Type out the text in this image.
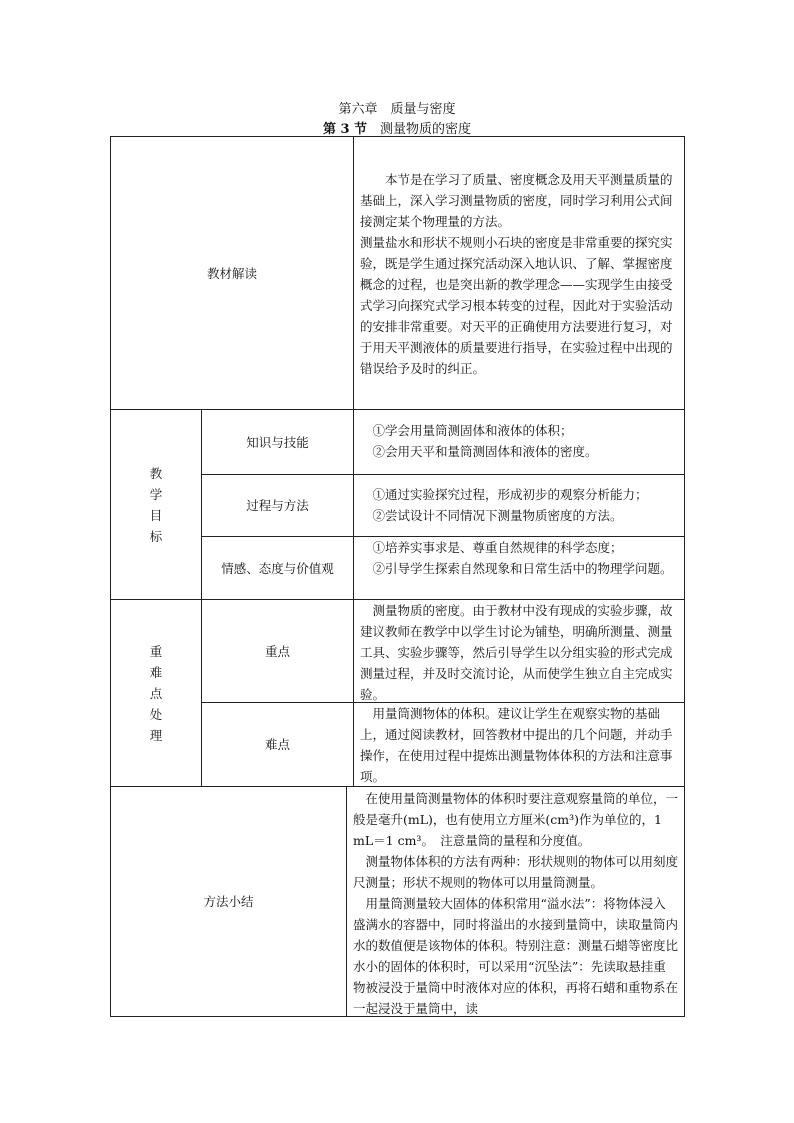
第六章　质量与密度
第 3 节　测量物质的密度
教材解读

本节是在学习了质量、密度概念及用天平测量质量的基础上，深入学习测量物质的密度，同时学习利用公式间接测定某个物理量的方法。

测量盐水和形状不规则小石块的密度是非常重要的探究实验，既是学生通过探究活动深入地认识、了解、掌握密度概念的过程，也是突出新的教学理念——实现学生由接受式学习向探究式学习根本转变的过程，因此对于实验活动的安排非常重要。对天平的正确使用方法要进行复习，对于用天平测液体的质量要进行指导，在实验过程中出现的错误给予及时的纠正。

教学目标
知识与技能

①学会用量筒测固体和液体的体积；

②会用天平和量筒测固体和液体的密度。

过程与方法

①通过实验探究过程，形成初步的观察分析能力；

②尝试设计不同情况下测量物质密度的方法。

情感、态度与价值观

①培养实事求是、尊重自然规律的科学态度；

②引导学生探索自然现象和日常生活中的物理学问题。

重难点处理
重点

测量物质的密度。由于教材中没有现成的实验步骤，故建议教师在教学中以学生讨论为铺垫，明确所测量、测量工具、实验步骤等，然后引导学生以分组实验的形式完成测量过程，并及时交流讨论，从而使学生独立自主完成实验。

难点

用量筒测物体的体积。建议让学生在观察实物的基础上，通过阅读教材，回答教材中提出的几个问题，并动手操作，在使用过程中提炼出测量物体体积的方法和注意事项。

方法小结

在使用量筒测量物体的体积时要注意观察量筒的单位，一般是毫升(mL)，也有使用立方厘米(cm³)作为单位的，1 mL＝1 cm³。　注意量筒的量程和分度值。

测量物体体积的方法有两种：形状规则的物体可以用刻度尺测量；形状不规则的物体可以用量筒测量。

用量筒测量较大固体的体积常用“溢水法”：将物体浸入盛满水的容器中，同时将溢出的水接到量筒中，读取量筒内水的数值便是该物体的体积。特别注意：测量石蜡等密度比水小的固体的体积时，可以采用“沉坠法”：先读取悬挂重物被浸没于量筒中时液体对应的体积，再将石蜡和重物系在一起浸没于量筒中，读
